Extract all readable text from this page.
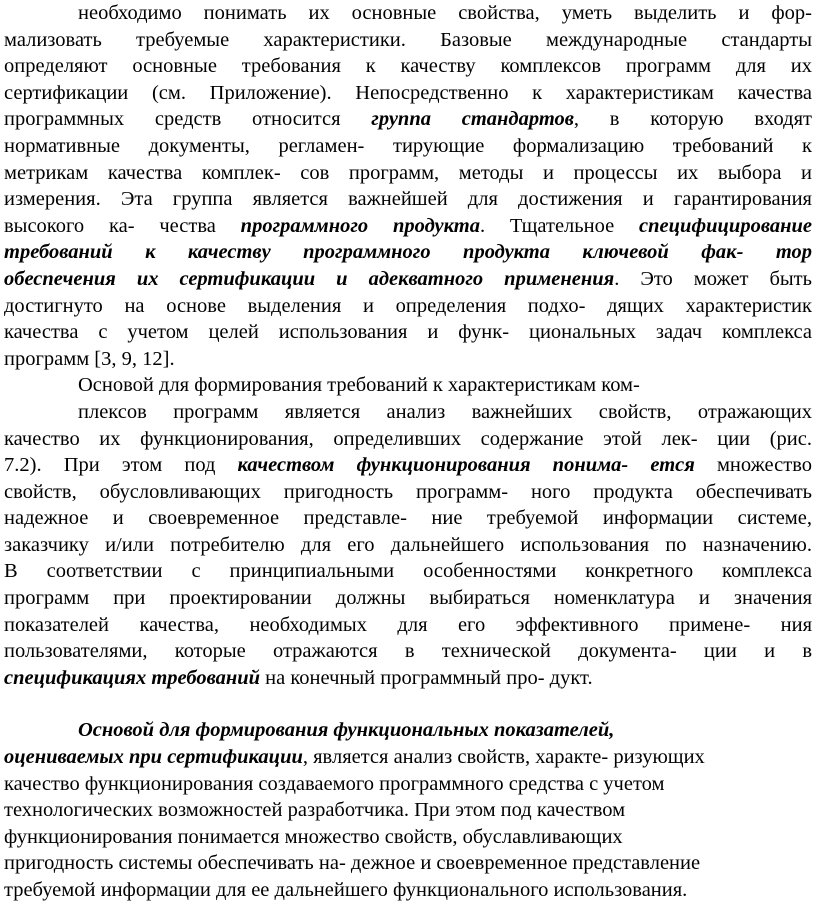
необходимо понимать их основные свойства, уметь выделить и фор-
мализовать требуемые характеристики. Базовые международные стандарты
определяют основные требования к качеству комплексов программ для их
сертификации (см. Приложение). Непосредственно к характеристикам качества
программных средств относится группа стандартов, в которую входят
нормативные документы, регламен- тирующие формализацию требований к
метрикам качества комплек- сов программ, методы и процессы их выбора и
измерения. Эта группа является важнейшей для достижения и гарантирования
высокого ка- чества программного продукта. Тщательное специфицирование
требований к качеству программного продукта ключевой фак- тор
обеспечения их сертификации и адекватного применения. Это может быть
достигнуто на основе выделения и определения подхо- дящих характеристик
качества с учетом целей использования и функ- циональных задач комплекса
программ [3, 9, 12].
Основой для формирования требований к характеристикам ком-
плексов программ является анализ важнейших свойств, отражающих
качество их функционирования, определивших содержание этой лек- ции (рис.
7.2). При этом под качеством функционирования понима- ется множество
свойств, обусловливающих пригодность программ- ного продукта обеспечивать
надежное и своевременное представле- ние требуемой информации системе,
заказчику и/или потребителю для его дальнейшего использования по назначению.
В соответствии с принципиальными особенностями конкретного комплекса
программ при проектировании должны выбираться номенклатура и значения
показателей качества, необходимых для его эффективного примене- ния
пользователями, которые отражаются в технической документа- ции и в
спецификациях требований на конечный программный про- дукт.
Основой для формирования функциональных показателей,
оцениваемых при сертификации, является анализ свойств, характе- ризующих
качество функционирования создаваемого программного средства с учетом
технологических возможностей разработчика. При этом под качеством
функционирования понимается множество свойств, обуславливающих
пригодность системы обеспечивать на- дежное и своевременное представление
требуемой информации для ее дальнейшего функционального использования.
